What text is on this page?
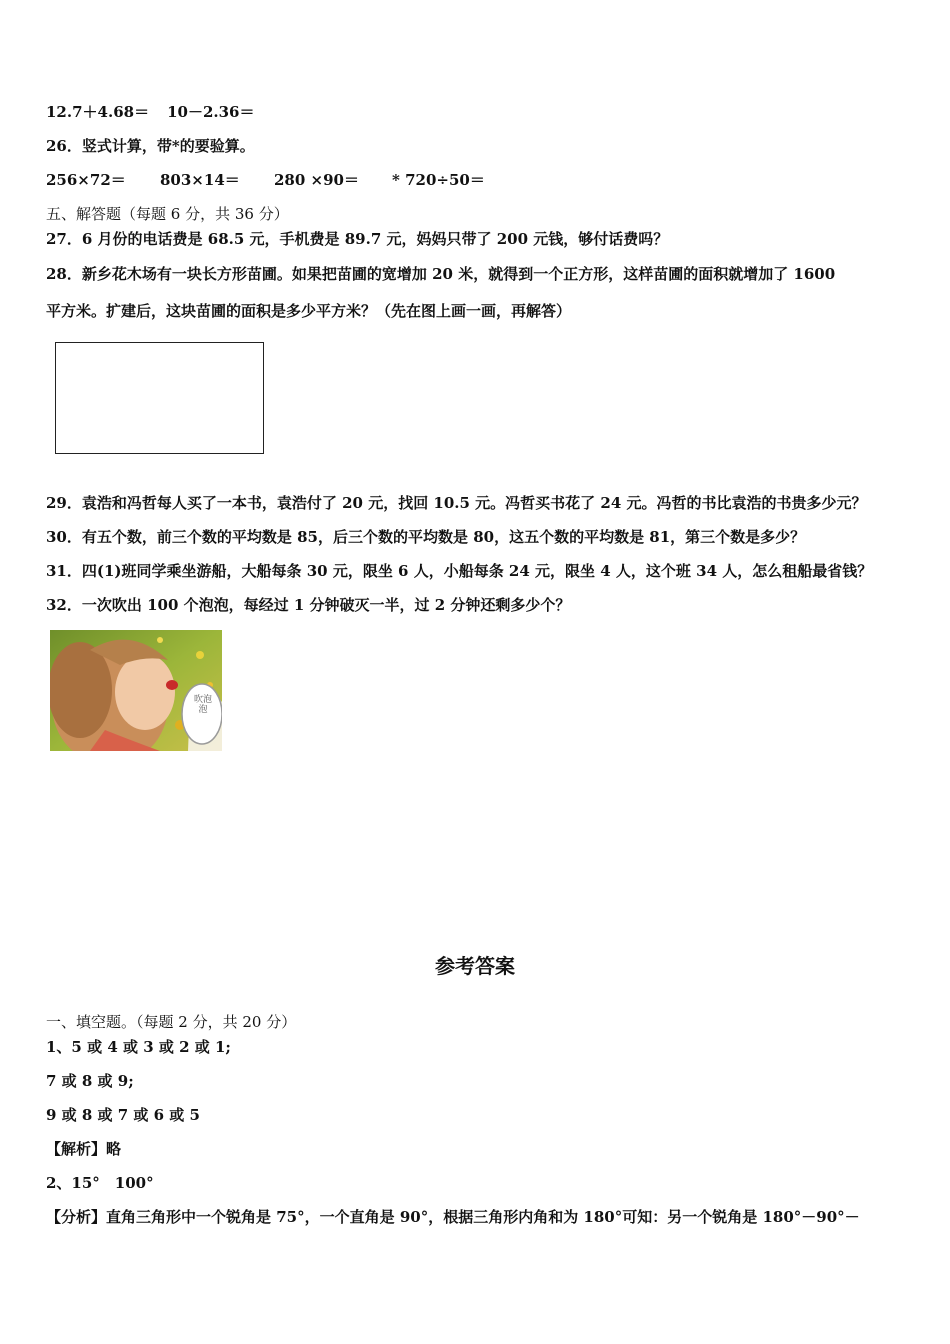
12.7＋4.68＝ 10－2.36＝
26．竖式计算，带*的要验算。
256×72＝ 803×14＝ 280 ×90＝ * 720÷50＝
五、解答题（每题 6 分，共 36 分）
27．6 月份的电话费是 68.5 元，手机费是 89.7 元，妈妈只带了 200 元钱，够付话费吗？
28．新乡花木场有一块长方形苗圃。如果把苗圃的宽增加 20 米，就得到一个正方形，这样苗圃的面积就增加了 1600
平方米。扩建后，这块苗圃的面积是多少平方米？（先在图上画一画，再解答）
29．袁浩和冯哲每人买了一本书，袁浩付了 20 元，找回 10.5 元。冯哲买书花了 24 元。冯哲的书比袁浩的书贵多少元？
30．有五个数，前三个数的平均数是 85，后三个数的平均数是 80，这五个数的平均数是 81，第三个数是多少？
31．四(1)班同学乘坐游船，大船每条 30 元，限坐 6 人，小船每条 24 元，限坐 4 人，这个班 34 人，怎么租船最省钱？
32．一次吹出 100 个泡泡，每经过 1 分钟破灭一半，过 2 分钟还剩多少个？
吹泡泡
参考答案
一、填空题。（每题 2 分，共 20 分）
1、5 或 4 或 3 或 2 或 1;
7 或 8 或 9;
9 或 8 或 7 或 6 或 5
【解析】略
2、15°　100°
【分析】直角三角形中一个锐角是 75°，一个直角是 90°，根据三角形内角和为 180°可知：另一个锐角是 180°－90°－
